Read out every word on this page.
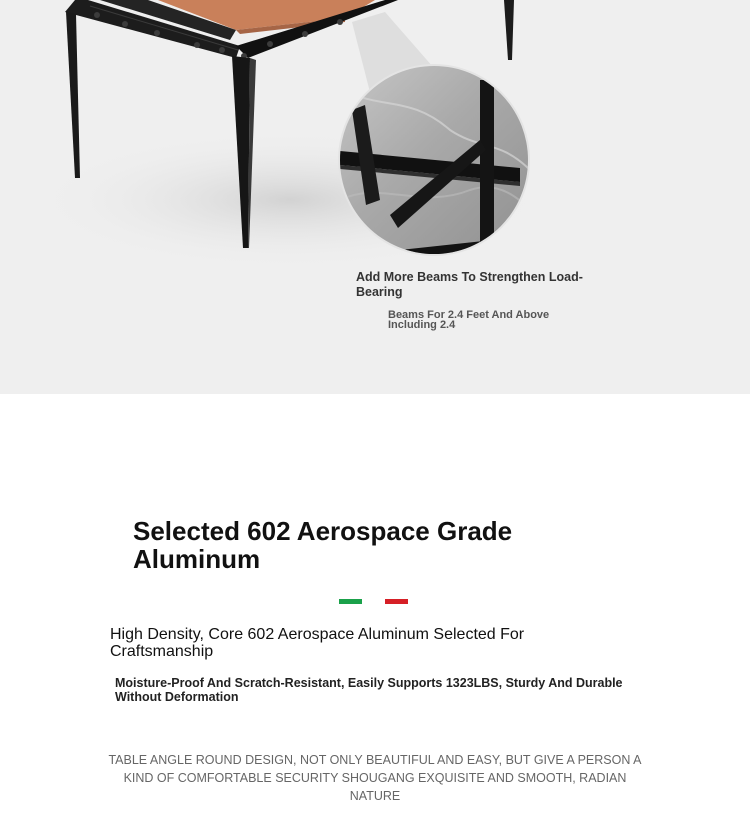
Add More Beams To Strengthen Load-Bearing
Beams For 2.4 Feet And Above Including 2.4
Selected 602 Aerospace Grade Aluminum
High Density, Core 602 Aerospace Aluminum Selected For Craftsmanship
Moisture-Proof And Scratch-Resistant, Easily Supports 1323LBS, Sturdy And Durable Without Deformation
TABLE ANGLE ROUND DESIGN, NOT ONLY BEAUTIFUL AND EASY, BUT GIVE A PERSON A KIND OF COMFORTABLE SECURITY SHOUGANG EXQUISITE AND SMOOTH, RADIAN NATURE
